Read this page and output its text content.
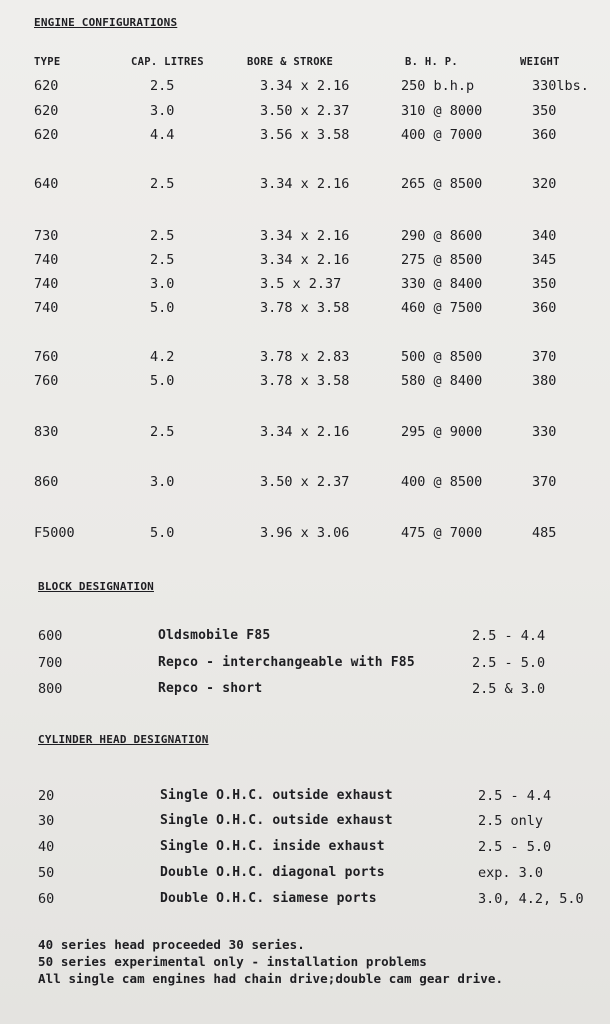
ENGINE CONFIGURATIONS
TYPE	CAP. LITRES	BORE & STROKE	B. H. P.	WEIGHT
620	2.5	3.34 x 2.16	250 b.h.p	330lbs.
620	3.0	3.50 x 2.37	310 @ 8000	350
620	4.4	3.56 x 3.58	400 @ 7000	360
640	2.5	3.34 x 2.16	265 @ 8500	320
730	2.5	3.34 x 2.16	290 @ 8600	340
740	2.5	3.34 x 2.16	275 @ 8500	345
740	3.0	3.5 x 2.37	330 @ 8400	350
740	5.0	3.78 x 3.58	460 @ 7500	360
760	4.2	3.78 x 2.83	500 @ 8500	370
760	5.0	3.78 x 3.58	580 @ 8400	380
830	2.5	3.34 x 2.16	295 @ 9000	330
860	3.0	3.50 x 2.37	400 @ 8500	370
F5000	5.0	3.96 x 3.06	475 @ 7000	485
BLOCK DESIGNATION
600	Oldsmobile F85	2.5 - 4.4
700	Repco - interchangeable with F85	2.5 - 5.0
800	Repco - short	2.5 & 3.0
CYLINDER HEAD DESIGNATION
20	Single O.H.C. outside exhaust	2.5 - 4.4
30	Single O.H.C. outside exhaust	2.5 only
40	Single O.H.C. inside exhaust	2.5 - 5.0
50	Double O.H.C. diagonal ports	exp. 3.0
60	Double O.H.C. siamese ports	3.0, 4.2, 5.0
40 series head proceeded 30 series.
50 series experimental only - installation problems
All single cam engines had chain drive;double cam gear drive.
